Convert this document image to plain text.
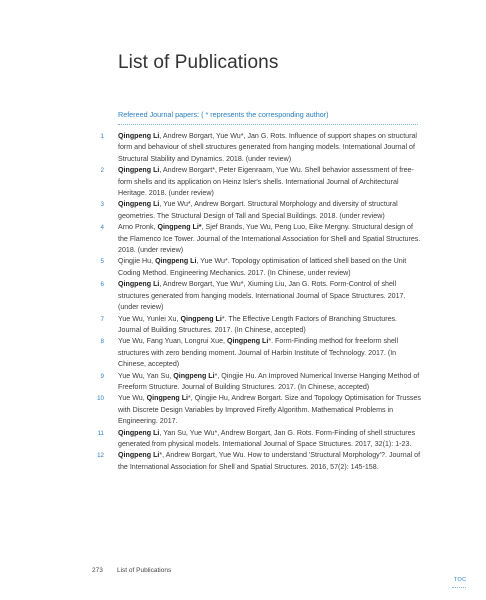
List of Publications
Refereed Journal papers: ( * represents the corresponding author)
1 Qingpeng Li, Andrew Borgart, Yue Wu*, Jan G. Rots. Influence of support shapes on structural form and behaviour of shell structures generated from hanging models. International Journal of Structural Stability and Dynamics. 2018. (under review)
2 Qingpeng Li, Andrew Borgart*, Peter Eigenraam, Yue Wu. Shell behavior assessment of free-form shells and its application on Heinz Isler's shells. International Journal of Architectural Heritage. 2018. (under review)
3 Qingpeng Li, Yue Wu*, Andrew Borgart. Structural Morphology and diversity of structural geometries. The Structural Design of Tall and Special Buildings. 2018. (under review)
4 Arno Pronk, Qingpeng Li*, Sjef Brands, Yue Wu, Peng Luo, Eike Mergny. Structural design of the Flamenco Ice Tower. Journal of the International Association for Shell and Spatial Structures. 2018. (under review)
5 Qingjie Hu, Qingpeng Li, Yue Wu*. Topology optimisation of latticed shell based on the Unit Coding Method. Engineering Mechanics. 2017. (In Chinese, under review)
6 Qingpeng Li, Andrew Borgart, Yue Wu*, Xiuming Liu, Jan G. Rots. Form-Control of shell structures generated from hanging models. International Journal of Space Structures. 2017. (under review)
7 Yue Wu, Yunlei Xu, Qingpeng Li*. The Effective Length Factors of Branching Structures. Journal of Building Structures. 2017. (In Chinese, accepted)
8 Yue Wu, Fang Yuan, Longrui Xue, Qingpeng Li*. Form-Finding method for freeform shell structures with zero bending moment. Journal of Harbin Institute of Technology. 2017. (In Chinese, accepted)
9 Yue Wu, Yan Su, Qingpeng Li*, Qingjie Hu. An Improved Numerical Inverse Hanging Method of Freeform Structure. Journal of Building Structures. 2017. (In Chinese, accepted)
10 Yue Wu, Qingpeng Li*, Qingjie Hu, Andrew Borgart. Size and Topology Optimisation for Trusses with Discrete Design Variables by Improved Firefly Algorithm. Mathematical Problems in Engineering. 2017.
11 Qingpeng Li, Yan Su, Yue Wu*, Andrew Borgart, Jan G. Rots. Form-Finding of shell structures generated from physical models. International Journal of Space Structures. 2017, 32(1): 1-23.
12 Qingpeng Li*, Andrew Borgart, Yue Wu. How to understand 'Structural Morphology'?. Journal of the International Association for Shell and Spatial Structures. 2016, 57(2): 145-158.
273 List of Publications
TOC
